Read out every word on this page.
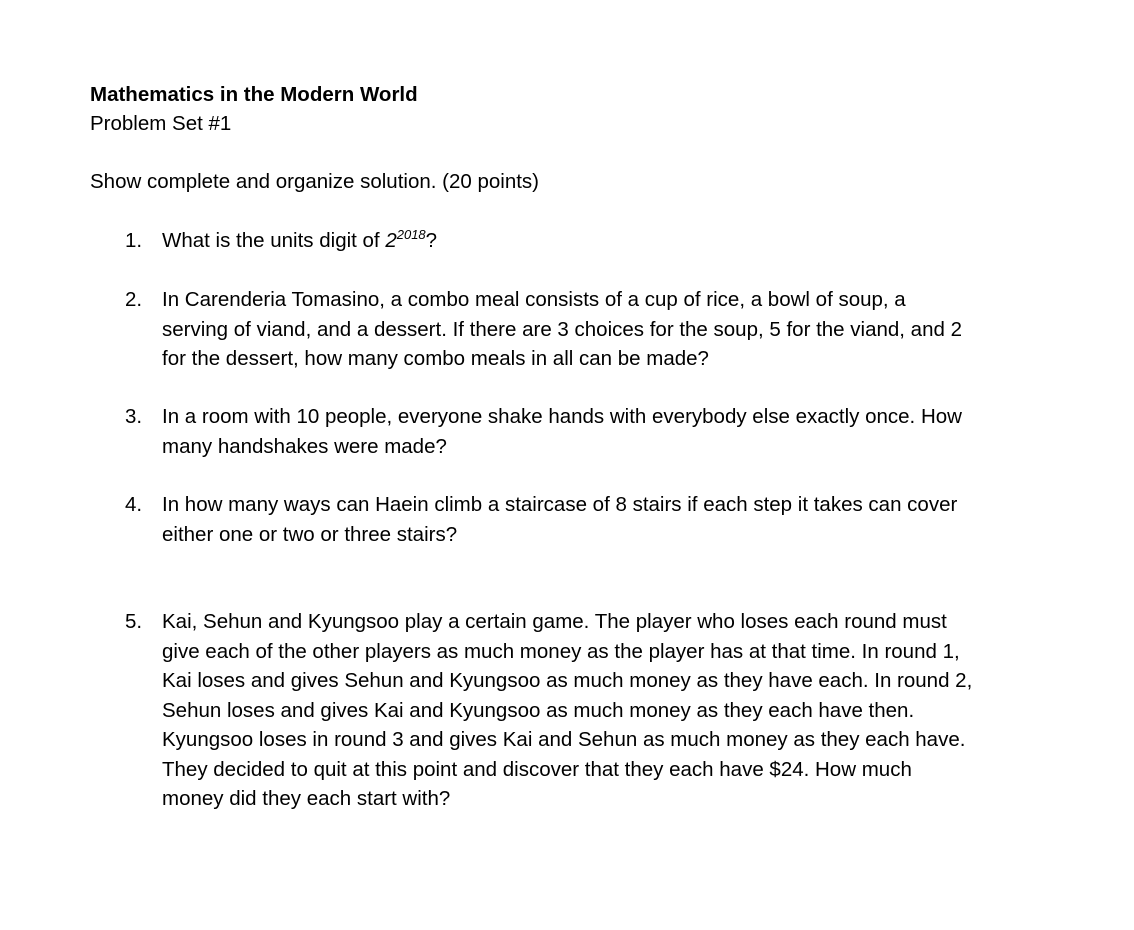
Mathematics in the Modern World
Problem Set #1
Show complete and organize solution. (20 points)
1. What is the units digit of $2^{2018}$?
2. In Carenderia Tomasino, a combo meal consists of a cup of rice, a bowl of soup, a
serving of viand, and a dessert. If there are 3 choices for the soup, 5 for the viand, and 2
for the dessert, how many combo meals in all can be made?
3. In a room with 10 people, everyone shake hands with everybody else exactly once. How
many handshakes were made?
4. In how many ways can Haein climb a staircase of 8 stairs if each step it takes can cover
either one or two or three stairs?
5. Kai, Sehun and Kyungsoo play a certain game. The player who loses each round must
give each of the other players as much money as the player has at that time. In round 1,
Kai loses and gives Sehun and Kyungsoo as much money as they have each. In round 2,
Sehun loses and gives Kai and Kyungsoo as much money as they each have then.
Kyungsoo loses in round 3 and gives Kai and Sehun as much money as they each have.
They decided to quit at this point and discover that they each have $24. How much
money did they each start with?
